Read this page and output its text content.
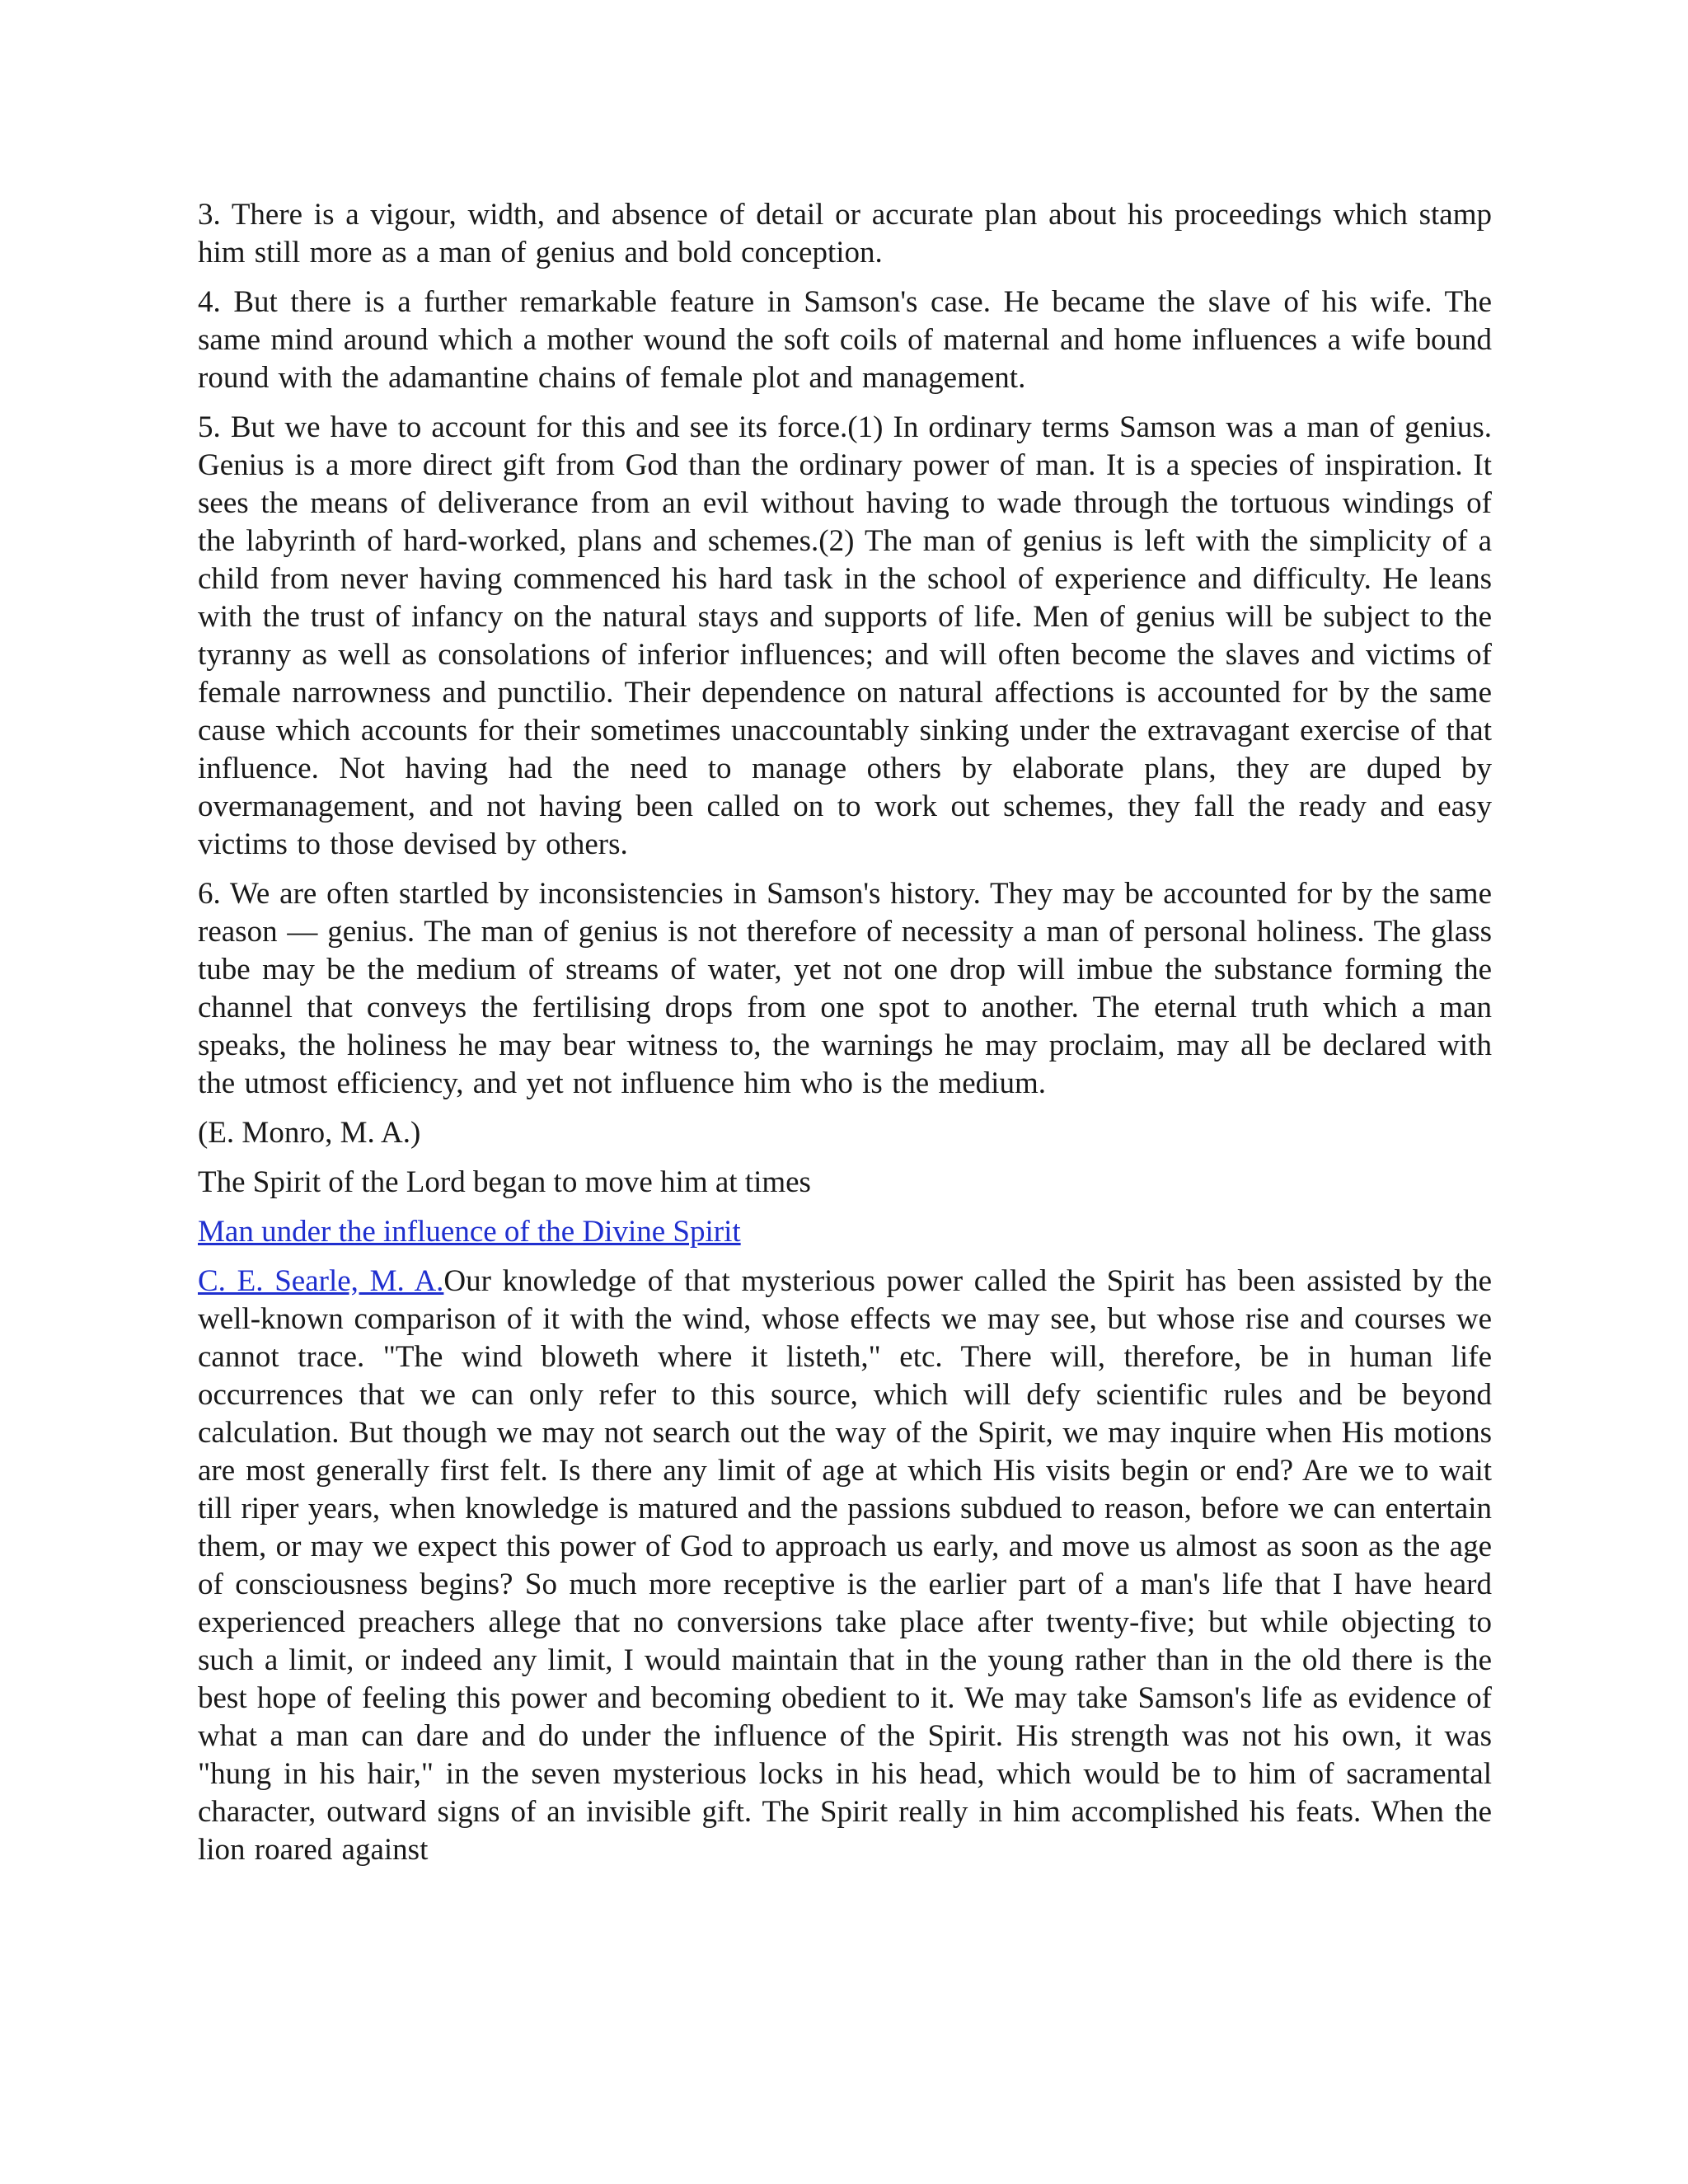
3. There is a vigour, width, and absence of detail or accurate plan about his proceedings which stamp him still more as a man of genius and bold conception.

4. But there is a further remarkable feature in Samson's case. He became the slave of his wife. The same mind around which a mother wound the soft coils of maternal and home influences a wife bound round with the adamantine chains of female plot and management.

5. But we have to account for this and see its force.(1) In ordinary terms Samson was a man of genius. Genius is a more direct gift from God than the ordinary power of man. It is a species of inspiration. It sees the means of deliverance from an evil without having to wade through the tortuous windings of the labyrinth of hard-worked, plans and schemes.(2) The man of genius is left with the simplicity of a child from never having commenced his hard task in the school of experience and difficulty. He leans with the trust of infancy on the natural stays and supports of life. Men of genius will be subject to the tyranny as well as consolations of inferior influences; and will often become the slaves and victims of female narrowness and punctilio. Their dependence on natural affections is accounted for by the same cause which accounts for their sometimes unaccountably sinking under the extravagant exercise of that influence. Not having had the need to manage others by elaborate plans, they are duped by overmanagement, and not having been called on to work out schemes, they fall the ready and easy victims to those devised by others.

6. We are often startled by inconsistencies in Samson's history. They may be accounted for by the same reason — genius. The man of genius is not therefore of necessity a man of personal holiness. The glass tube may be the medium of streams of water, yet not one drop will imbue the substance forming the channel that conveys the fertilising drops from one spot to another. The eternal truth which a man speaks, the holiness he may bear witness to, the warnings he may proclaim, may all be declared with the utmost efficiency, and yet not influence him who is the medium.

(E. Monro, M. A.)

The Spirit of the Lord began to move him at times

Man under the influence of the Divine Spirit

C. E. Searle, M. A.Our knowledge of that mysterious power called the Spirit has been assisted by the well-known comparison of it with the wind, whose effects we may see, but whose rise and courses we cannot trace. "The wind bloweth where it listeth," etc. There will, therefore, be in human life occurrences that we can only refer to this source, which will defy scientific rules and be beyond calculation. But though we may not search out the way of the Spirit, we may inquire when His motions are most generally first felt. Is there any limit of age at which His visits begin or end? Are we to wait till riper years, when knowledge is matured and the passions subdued to reason, before we can entertain them, or may we expect this power of God to approach us early, and move us almost as soon as the age of consciousness begins? So much more receptive is the earlier part of a man's life that I have heard experienced preachers allege that no conversions take place after twenty-five; but while objecting to such a limit, or indeed any limit, I would maintain that in the young rather than in the old there is the best hope of feeling this power and becoming obedient to it. We may take Samson's life as evidence of what a man can dare and do under the influence of the Spirit. His strength was not his own, it was "hung in his hair," in the seven mysterious locks in his head, which would be to him of sacramental character, outward signs of an invisible gift. The Spirit really in him accomplished his feats. When the lion roared against
